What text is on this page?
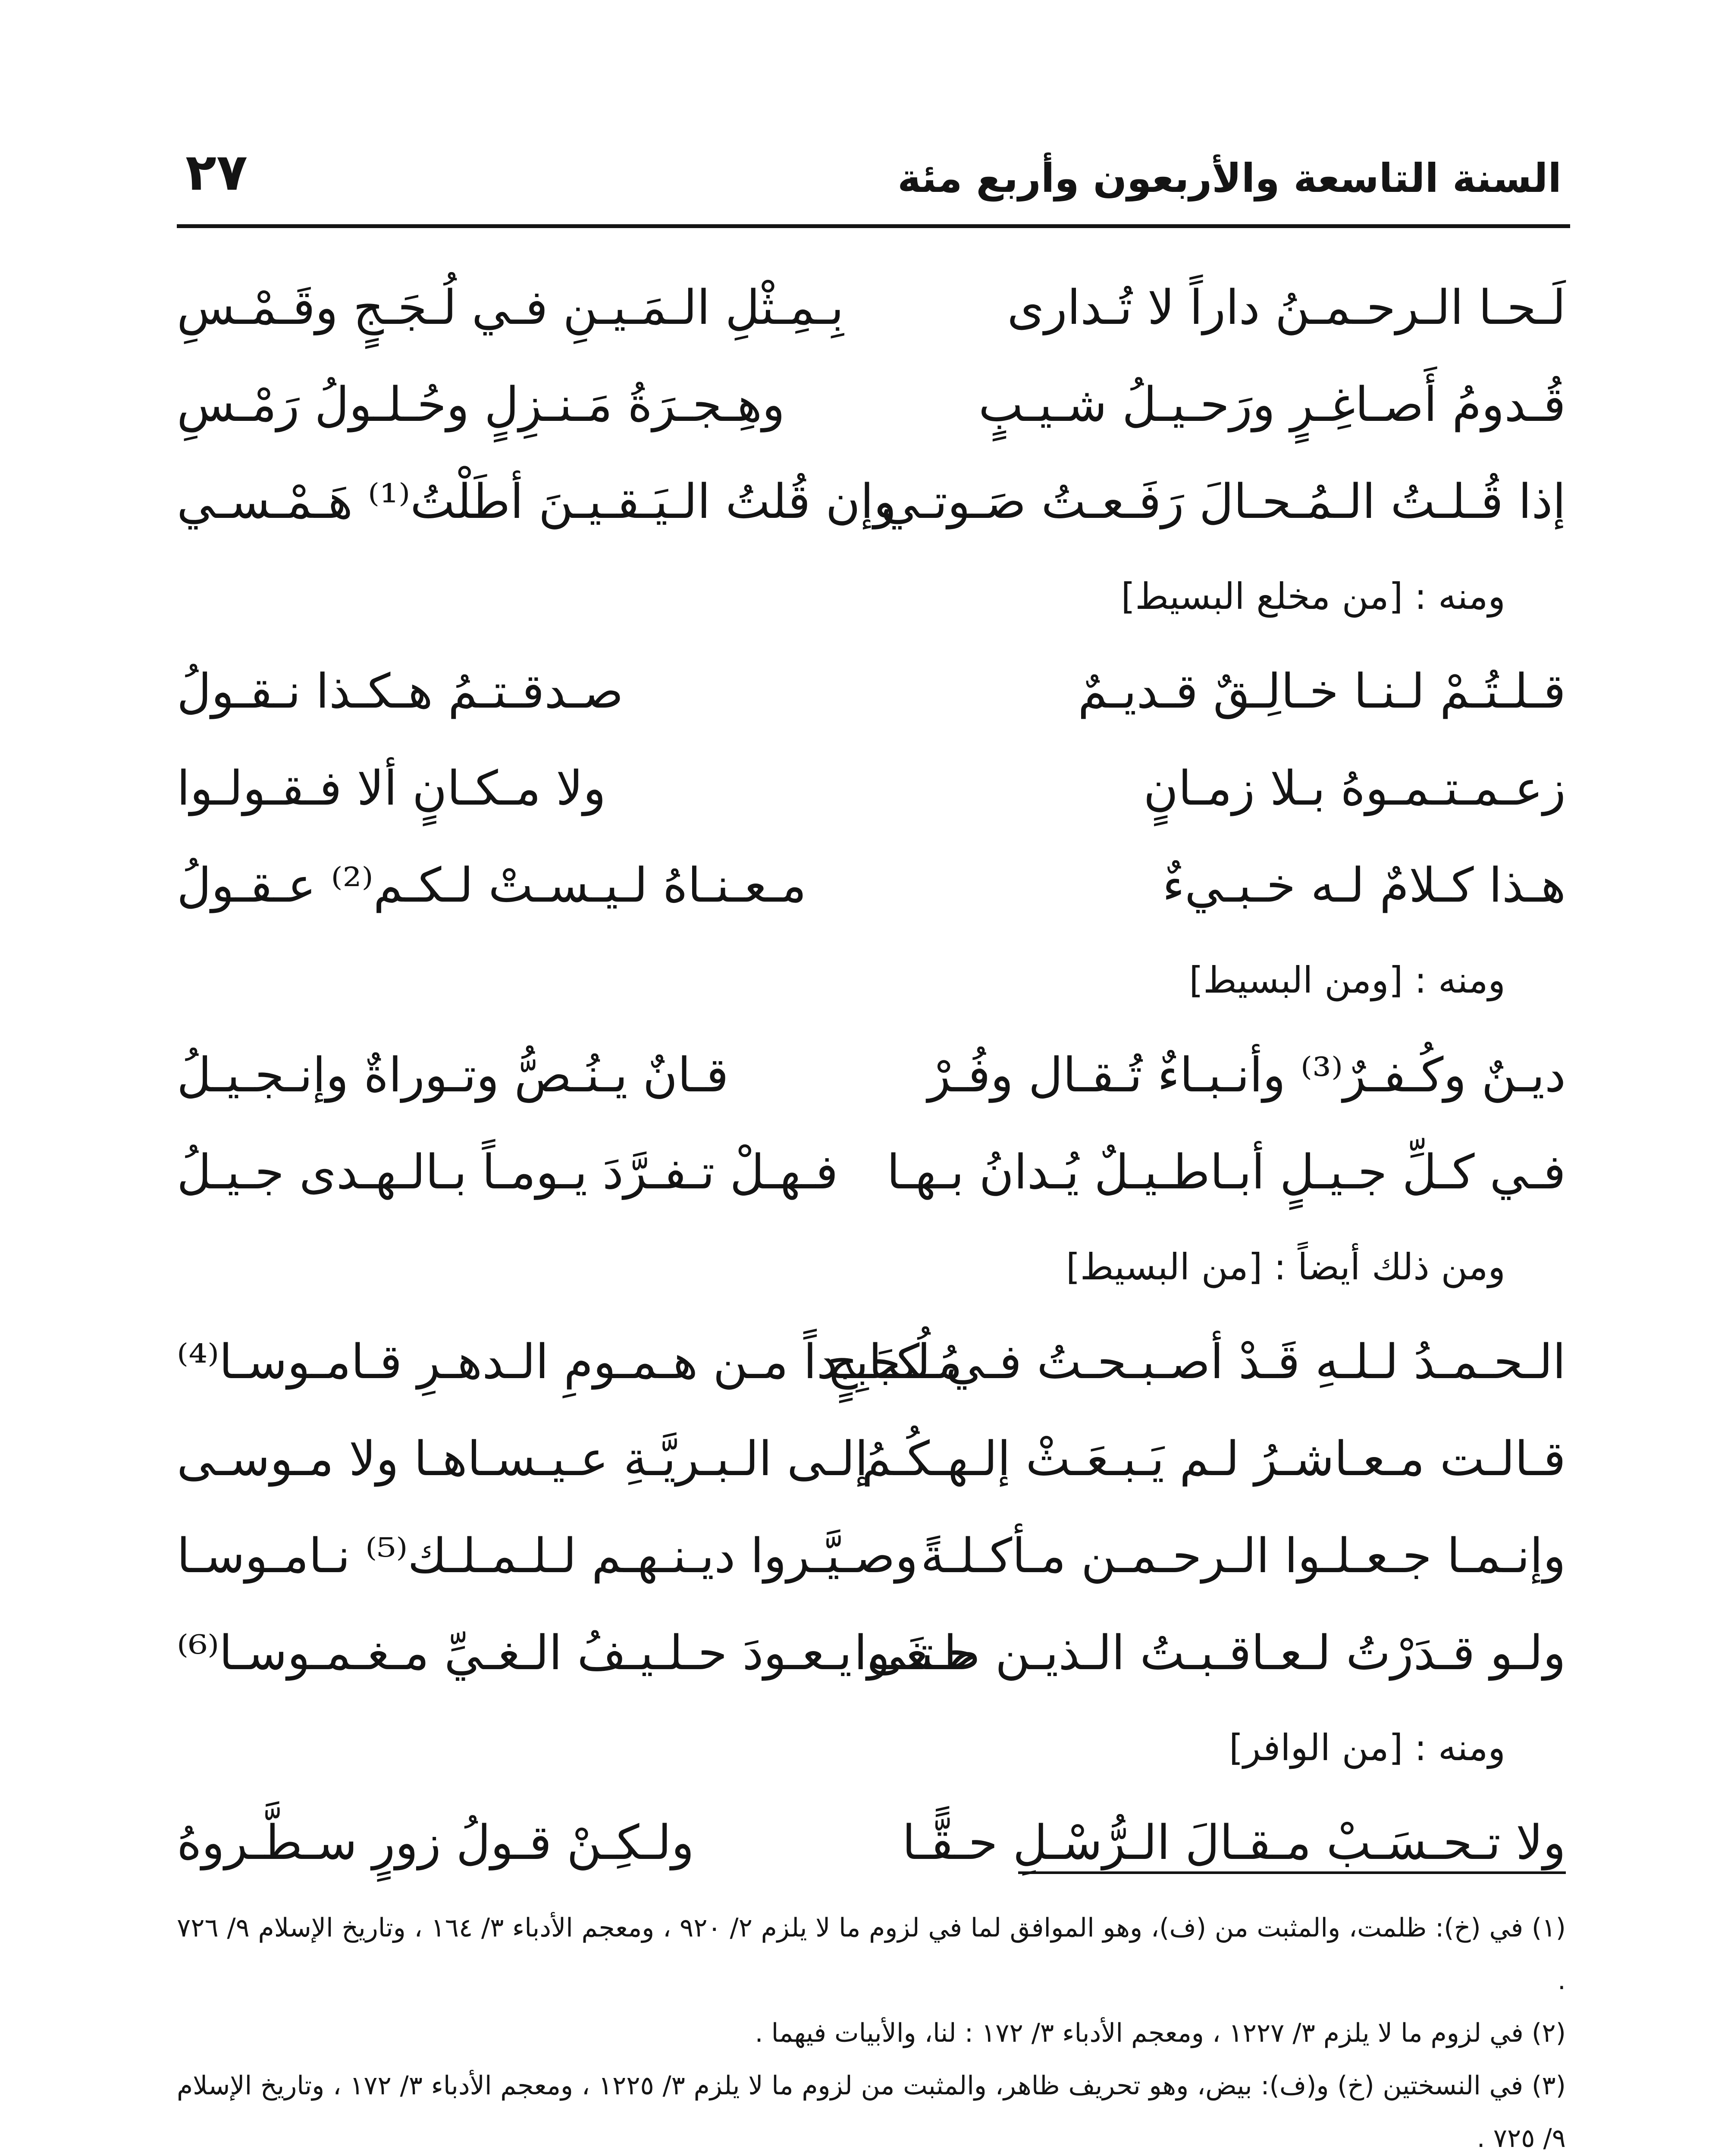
السنة التاسعة والأربعون وأربع مئة
٢٧
لَـحـا الـرحـمـنُ داراً لا تُـدارى
بِـمِـثْلِ الـمَـيـنِ فـي لُـجَـجٍ وقَـمْـسِ
قُـدومُ أَصـاغِـرٍ ورَحـيـلُ شـيـبٍ
وهِـجـرَةُ مَـنـزِلٍ وحُـلـولُ رَمْـسِ
إذا قُـلـتُ الـمُـحـالَ رَفَـعـتُ صَـوتـي
وإن قُلتُ الـيَـقـيـنَ أطَلْتُ⁽¹⁾ هَـمْـسـي
ومنه : [من مخلع البسيط]
قـلـتُـمْ لـنـا خـالِـقٌ قـديـمٌ
صـدقـتـمُ هـكـذا نـقـولُ
زعـمـتـمـوهُ بـلا زمـانٍ
ولا مـكـانٍ ألا فـقـولـوا
هـذا كـلامٌ لـه خـبـيءٌ
مـعـنـاهُ لـيـسـتْ لـكـم⁽²⁾ عـقـولُ
ومنه : [ومن البسيط]
ديـنٌ وكُـفـرٌ⁽³⁾ وأنـبـاءٌ تُـقـال وفُـرْ
قـانٌ يـنُـصُّ وتـوراةٌ وإنـجـيـلُ
فـي كـلِّ جـيـلٍ أبـاطـيـلٌ يُـدانُ بـهـا
فـهـلْ تـفـرَّدَ يـومـاً بـالـهـدى جـيـلُ
ومن ذلك أيضاً : [من البسيط]
الـحـمـدُ لـلـهِ قَـدْ أصـبـحـتُ فـي لُـجَـجٍ
مُـكـابِـداً مـن هـمـومِ الـدهـرِ قـامـوسـا⁽⁴⁾
قـالـت مـعـاشـرُ لـم يَـبـعَـثْ إلـهـكُـمُ
إلـى الـبـريَّـةِ عـيـسـاهـا ولا مـوسـى
وإنـمـا جـعـلـوا الـرحـمـن مـأكـلـةً
وصـيَّـروا ديـنـهـم لـلـمـلـك⁽⁵⁾ نـامـوسـا
ولـو قـدَرْتُ لـعـاقـبـتُ الـذيـن طـغَـوا
حـتـى يـعـودَ حـلـيـفُ الـغـيِّ مـغـمـوسـا⁽⁶⁾
ومنه : [من الوافر]
ولا تـحـسَـبْ مـقـالَ الـرُّسْـلِ حـقًّـا
ولـكِـنْ قـولُ زورٍ سـطَّـروهُ

(١) في (خ): ظلمت، والمثبت من (ف)، وهو الموافق لما في لزوم ما لا يلزم ٢/ ٩٢٠ ، ومعجم الأدباء ٣/ ١٦٤ ، وتاريخ الإسلام ٩/ ٧٢٦ .

(٢) في لزوم ما لا يلزم ٣/ ١٢٢٧ ، ومعجم الأدباء ٣/ ١٧٢ : لنا، والأبيات فيهما .

(٣) في النسختين (خ) و(ف): بيض، وهو تحريف ظاهر، والمثبت من لزوم ما لا يلزم ٣/ ١٢٢٥ ، ومعجم الأدباء ٣/ ١٧٢ ، وتاريخ الإسلام ٩/ ٧٢٥ .
